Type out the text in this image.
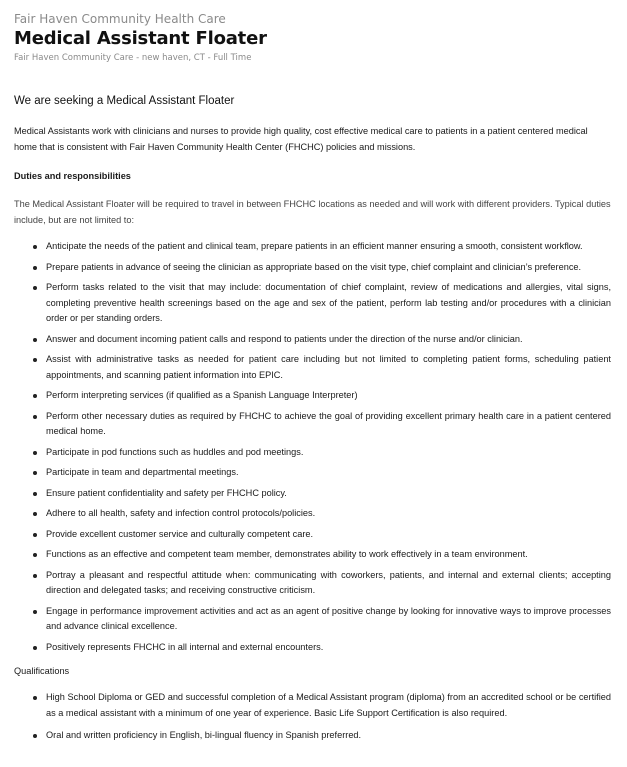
Fair Haven Community Health Care
Medical Assistant Floater
Fair Haven Community Care - new haven, CT - Full Time
We are seeking a Medical Assistant Floater

Medical Assistants work with clinicians and nurses to provide high quality, cost effective medical care to patients in a patient centered medical home that is consistent with Fair Haven Community Health Center (FHCHC) policies and missions.

Duties and responsibilities

The Medical Assistant Floater will be required to travel in between FHCHC locations as needed and will work with different providers. Typical duties include, but are not limited to:

Anticipate the needs of the patient and clinical team, prepare patients in an efficient manner ensuring a smooth, consistent workflow.
Prepare patients in advance of seeing the clinician as appropriate based on the visit type, chief complaint and clinician’s preference.
Perform tasks related to the visit that may include: documentation of chief complaint, review of medications and allergies, vital signs, completing preventive health screenings based on the age and sex of the patient, perform lab testing and/or procedures with a clinician order or per standing orders.
Answer and document incoming patient calls and respond to patients under the direction of the nurse and/or clinician.
Assist with administrative tasks as needed for patient care including but not limited to completing patient forms, scheduling patient appointments, and scanning patient information into EPIC.
Perform interpreting services (if qualified as a Spanish Language Interpreter)
Perform other necessary duties as required by FHCHC to achieve the goal of providing excellent primary health care in a patient centered medical home.
Participate in pod functions such as huddles and pod meetings.
Participate in team and departmental meetings.
Ensure patient confidentiality and safety per FHCHC policy.
Adhere to all health, safety and infection control protocols/policies.
Provide excellent customer service and culturally competent care.
Functions as an effective and competent team member, demonstrates ability to work effectively in a team environment.
Portray a pleasant and respectful attitude when: communicating with coworkers, patients, and internal and external clients; accepting direction and delegated tasks; and receiving constructive criticism.
Engage in performance improvement activities and act as an agent of positive change by looking for innovative ways to improve processes and advance clinical excellence.
Positively represents FHCHC in all internal and external encounters.
Qualifications
High School Diploma or GED and successful completion of a Medical Assistant program (diploma) from an accredited school or be certified as a medical assistant with a minimum of one year of experience. Basic Life Support Certification is also required.
Oral and written proficiency in English, bi-lingual fluency in Spanish preferred.
